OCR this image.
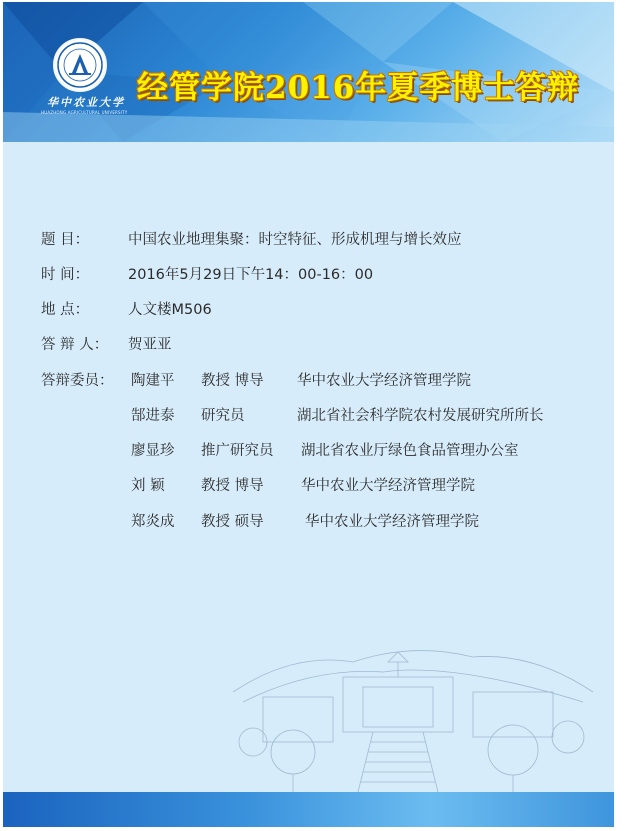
华中农业大学
HUAZHONG AGRICULTURAL UNIVERSITY
经管学院2016年夏季博士答辩
题 目：	中国农业地理集聚：时空特征、形成机理与增长效应
时 间：	2016年5月29日下午14：00-16：00
地 点：	人文楼M506
答 辩 人： 贺亚亚
答辩委员： 陶建平 教授 博导 华中农业大学经济管理学院
郜进泰 研究员	湖北省社会科学院农村发展研究所所长
廖显珍 推广研究员 湖北省农业厅绿色食品管理办公室
刘 颖	教授 博导	华中农业大学经济管理学院
郑炎成 教授 硕导	华中农业大学经济管理学院
